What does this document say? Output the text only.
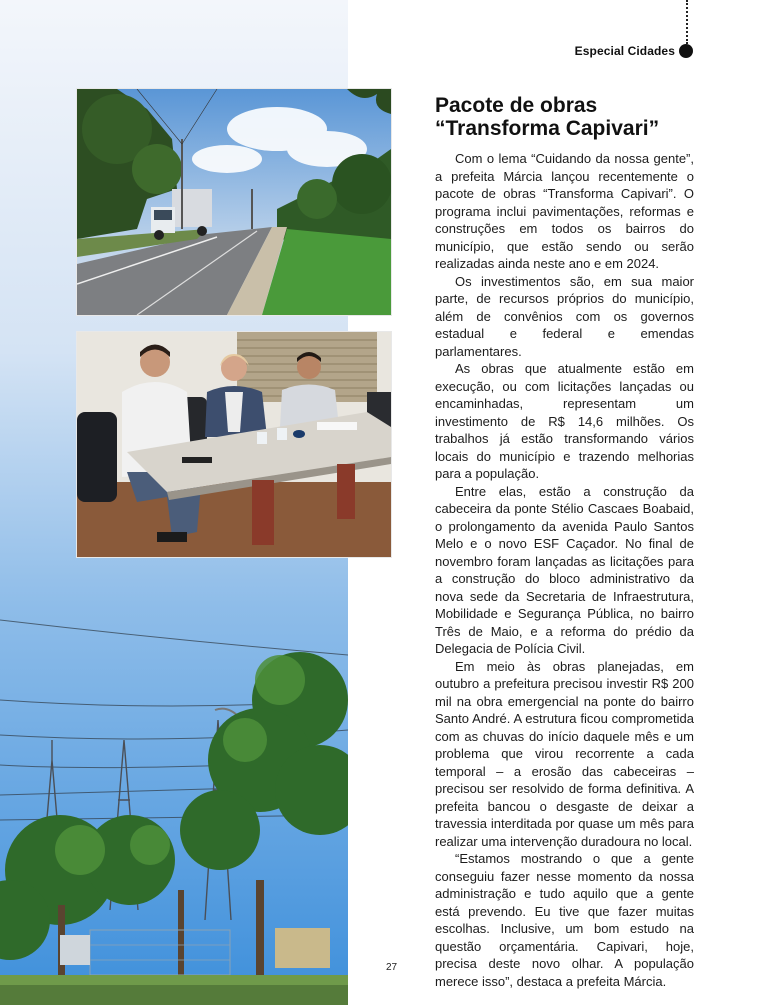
Especial Cidades
Pacote de obras
“Transforma Capivari”

Com o lema “Cuidando da nossa gente”, a prefeita Márcia lançou recentemente o pacote de obras “Transforma Capivari”. O programa inclui pavimentações, reformas e construções em todos os bairros do município, que estão sendo ou serão realizadas ainda neste ano e em 2024.

Os investimentos são, em sua maior parte, de recursos próprios do município, além de convênios com os governos estadual e federal e emendas parlamentares.

As obras que atualmente estão em execução, ou com licitações lançadas ou encaminhadas, representam um investimento de R$ 14,6 milhões. Os trabalhos já estão transformando vários locais do município e trazendo melhorias para a população.

Entre elas, estão a construção da cabeceira da ponte Stélio Cascaes Boabaid, o prolongamento da avenida Paulo Santos Melo e o novo ESF Caçador. No final de novembro foram lançadas as licitações para a construção do bloco administrativo da nova sede da Secretaria de Infraestrutura, Mobilidade e Segurança Pública, no bairro Três de Maio, e a reforma do prédio da Delegacia de Polícia Civil.

Em meio às obras planejadas, em outubro a prefeitura precisou investir R$ 200 mil na obra emergencial na ponte do bairro Santo André. A estrutura ficou comprometida com as chuvas do início daquele mês e um problema que virou recorrente a cada temporal – a erosão das cabeceiras – precisou ser resolvido de forma definitiva. A prefeita bancou o desgaste de deixar a travessia interditada por quase um mês para realizar uma intervenção duradoura no local.

“Estamos mostrando o que a gente conseguiu fazer nesse momento da nossa administração e tudo aquilo que a gente está prevendo. Eu tive que fazer muitas escolhas. Inclusive, um bom estudo na questão orçamentária. Capivari, hoje, precisa deste novo olhar. A população merece isso”, destaca a prefeita Márcia.

27
